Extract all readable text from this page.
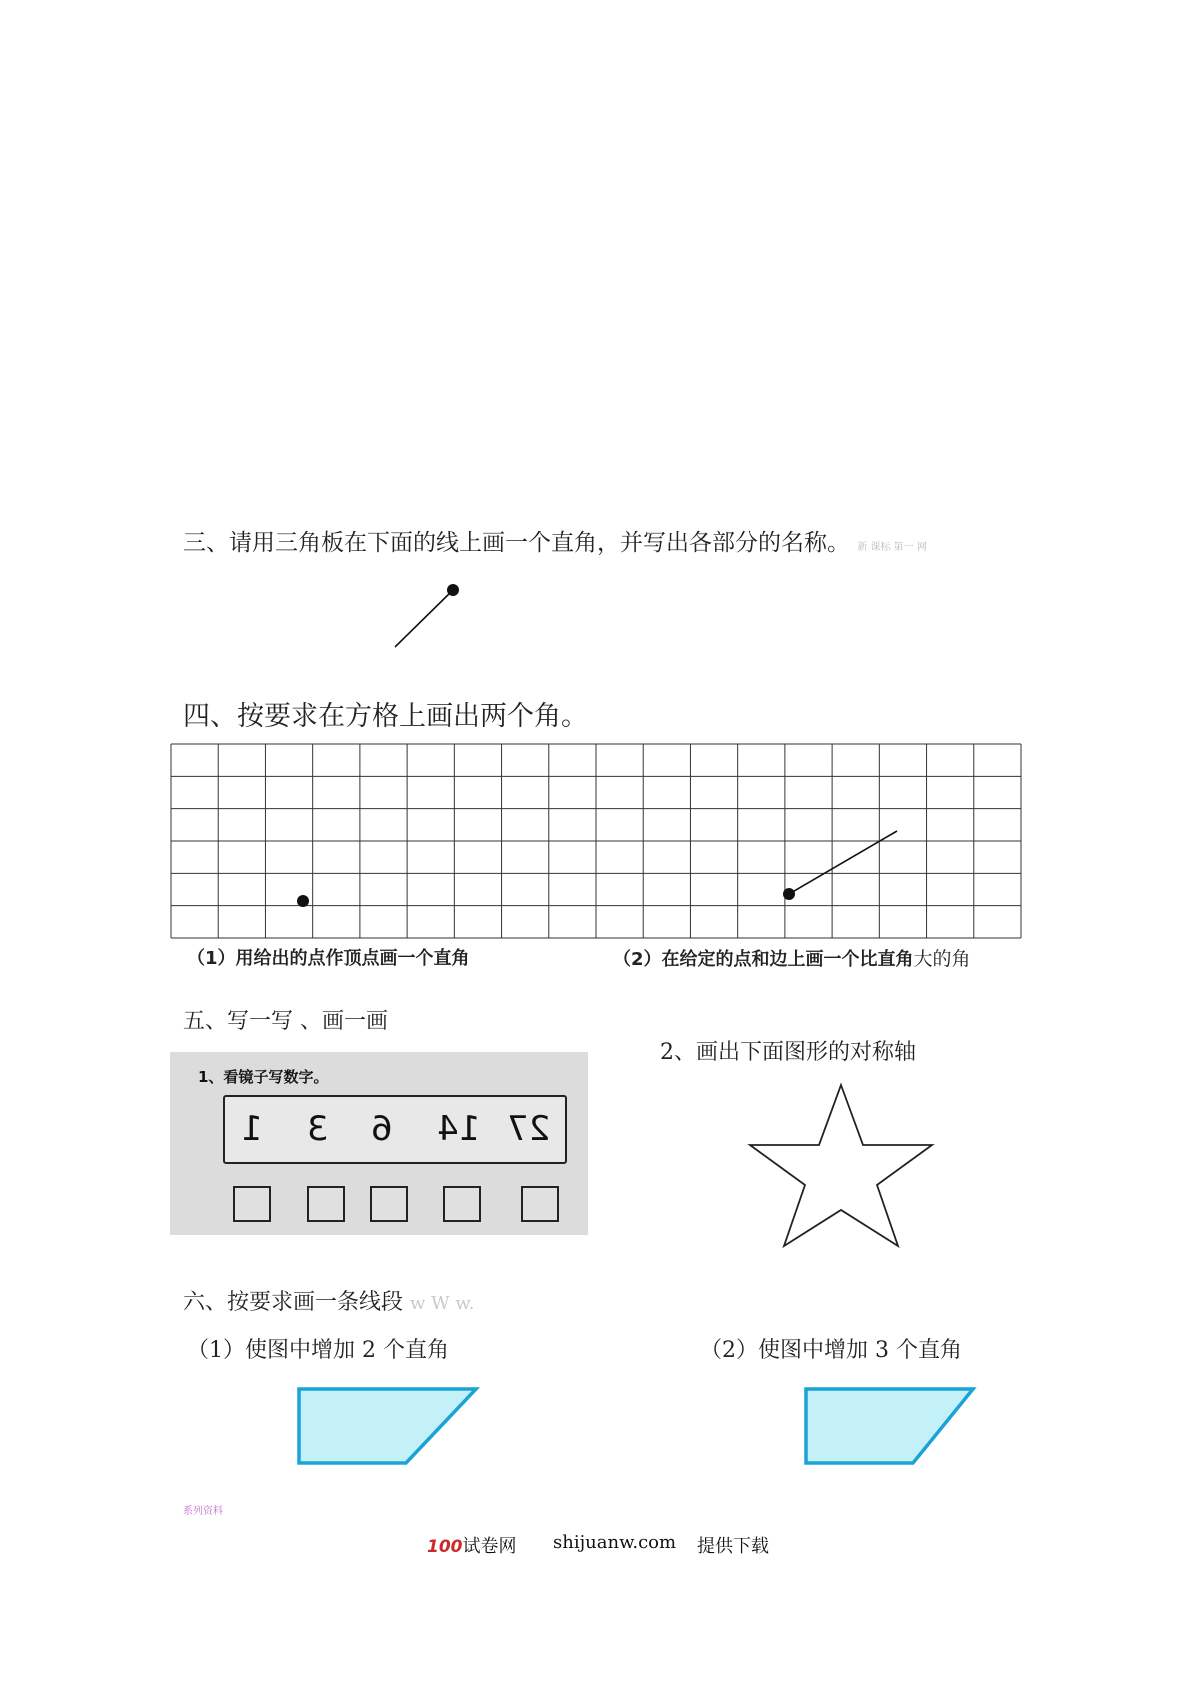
三、请用三角板在下面的线上画一个直角，并写出各部分的名称。 新 课标 第一 网
四、按要求在方格上画出两个角。
（1）用给出的点作顶点画一个直角	（2）在给定的点和边上画一个比直角大的角
五、写一写 、画一画
1、看镜子写数字。
1 3 6 14 27
2、画出下面图形的对称轴
六、按要求画一条线段 w W w.
（1）使图中增加 2 个直角	（2）使图中增加 3 个直角
系列资料
100试卷网 shijuanw.com 提供下载
